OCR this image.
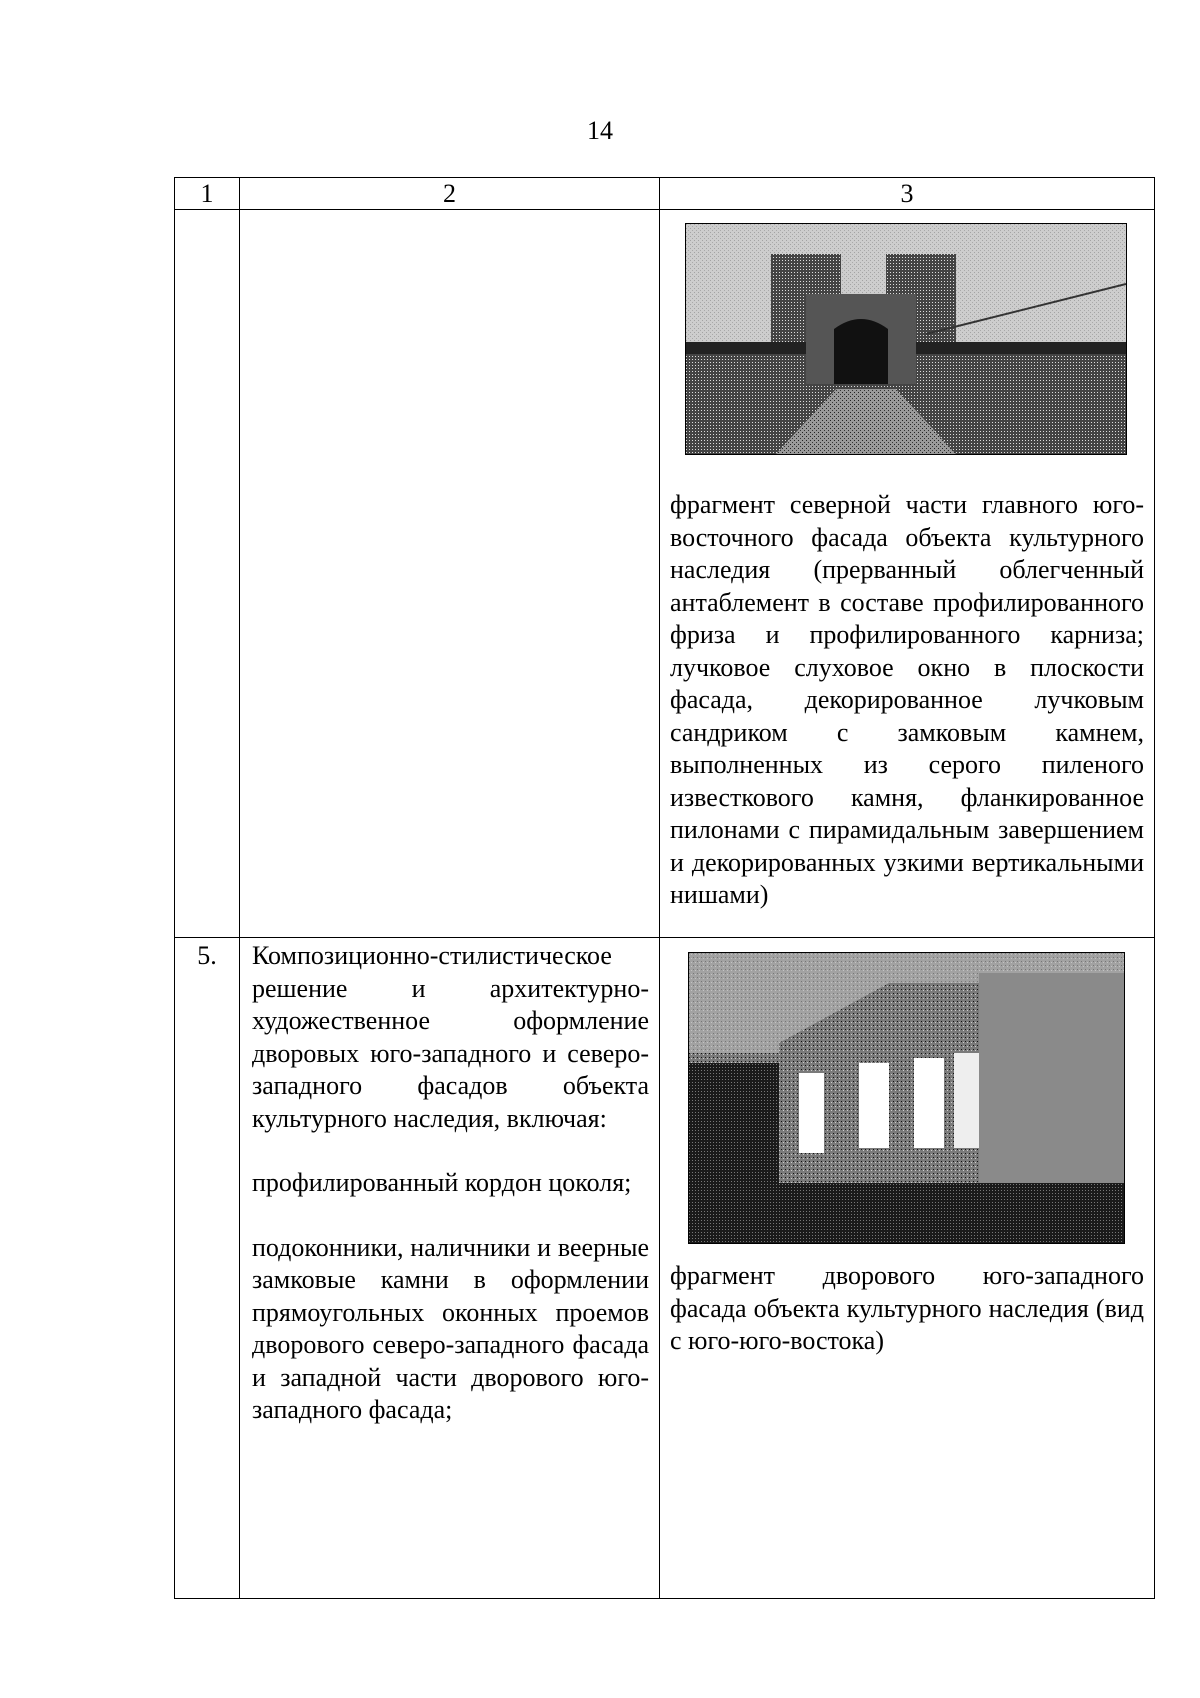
14
1	2	3

		фрагмент северной части главного юго-восточного фасада объекта культурного наследия (прерванный облегченный антаблемент в составе профилированного фриза и профилированного карниза; лучковое слуховое окно в плоскости фасада, декорированное лучковым сандриком с замковым камнем, выполненных из серого пиленого известкового камня, фланкированное пилонами с пирамидальным завершением и декорированных узкими вертикальными нишами)

5.	Композиционно-стилистическое решение и архитектурно-художественное оформление дворовых юго-западного и северо-западного фасадов объекта культурного наследия, включая:

профилированный кордон цоколя;

подоконники, наличники и веерные замковые камни в оформлении прямоугольных оконных проемов дворового северо-западного фасада и западной части дворового юго-западного фасада;	фрагмент дворового юго-западного фасада объекта культурного наследия (вид с юго-юго-востока)
